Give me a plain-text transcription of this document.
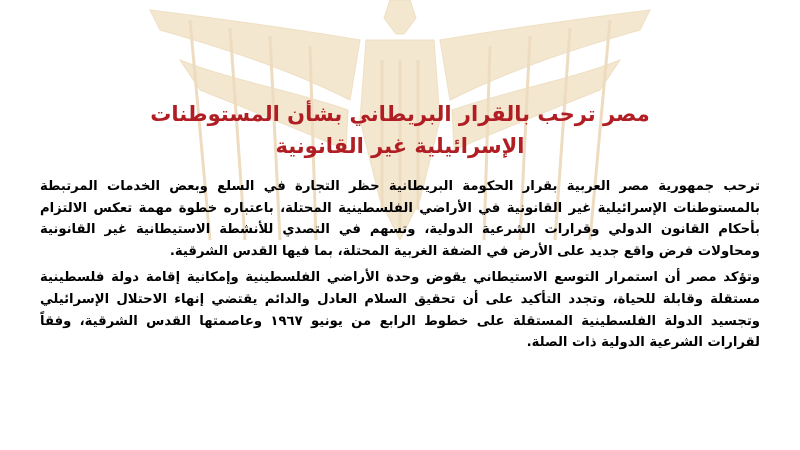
مصر ترحب بالقرار البريطاني بشأن المستوطنات
الإسرائيلية غير القانونية

ترحب جمهورية مصر العربية بقرار الحكومة البريطانية حظر التجارة في السلع وبعض الخدمات المرتبطة بالمستوطنات الإسرائيلية غير القانونية في الأراضي الفلسطينية المحتلة، باعتباره خطوة مهمة تعكس الالتزام بأحكام القانون الدولي وقرارات الشرعية الدولية، وتسهم في التصدي للأنشطة الاستيطانية غير القانونية ومحاولات فرض واقع جديد على الأرض في الضفة الغربية المحتلة، بما فيها القدس الشرقية.

وتؤكد مصر أن استمرار التوسع الاستيطاني يقوض وحدة الأراضي الفلسطينية وإمكانية إقامة دولة فلسطينية مستقلة وقابلة للحياة، وتجدد التأكيد على أن تحقيق السلام العادل والدائم يقتضي إنهاء الاحتلال الإسرائيلي وتجسيد الدولة الفلسطينية المستقلة على خطوط الرابع من يونيو ١٩٦٧ وعاصمتها القدس الشرقية، وفقاً لقرارات الشرعية الدولية ذات الصلة.
